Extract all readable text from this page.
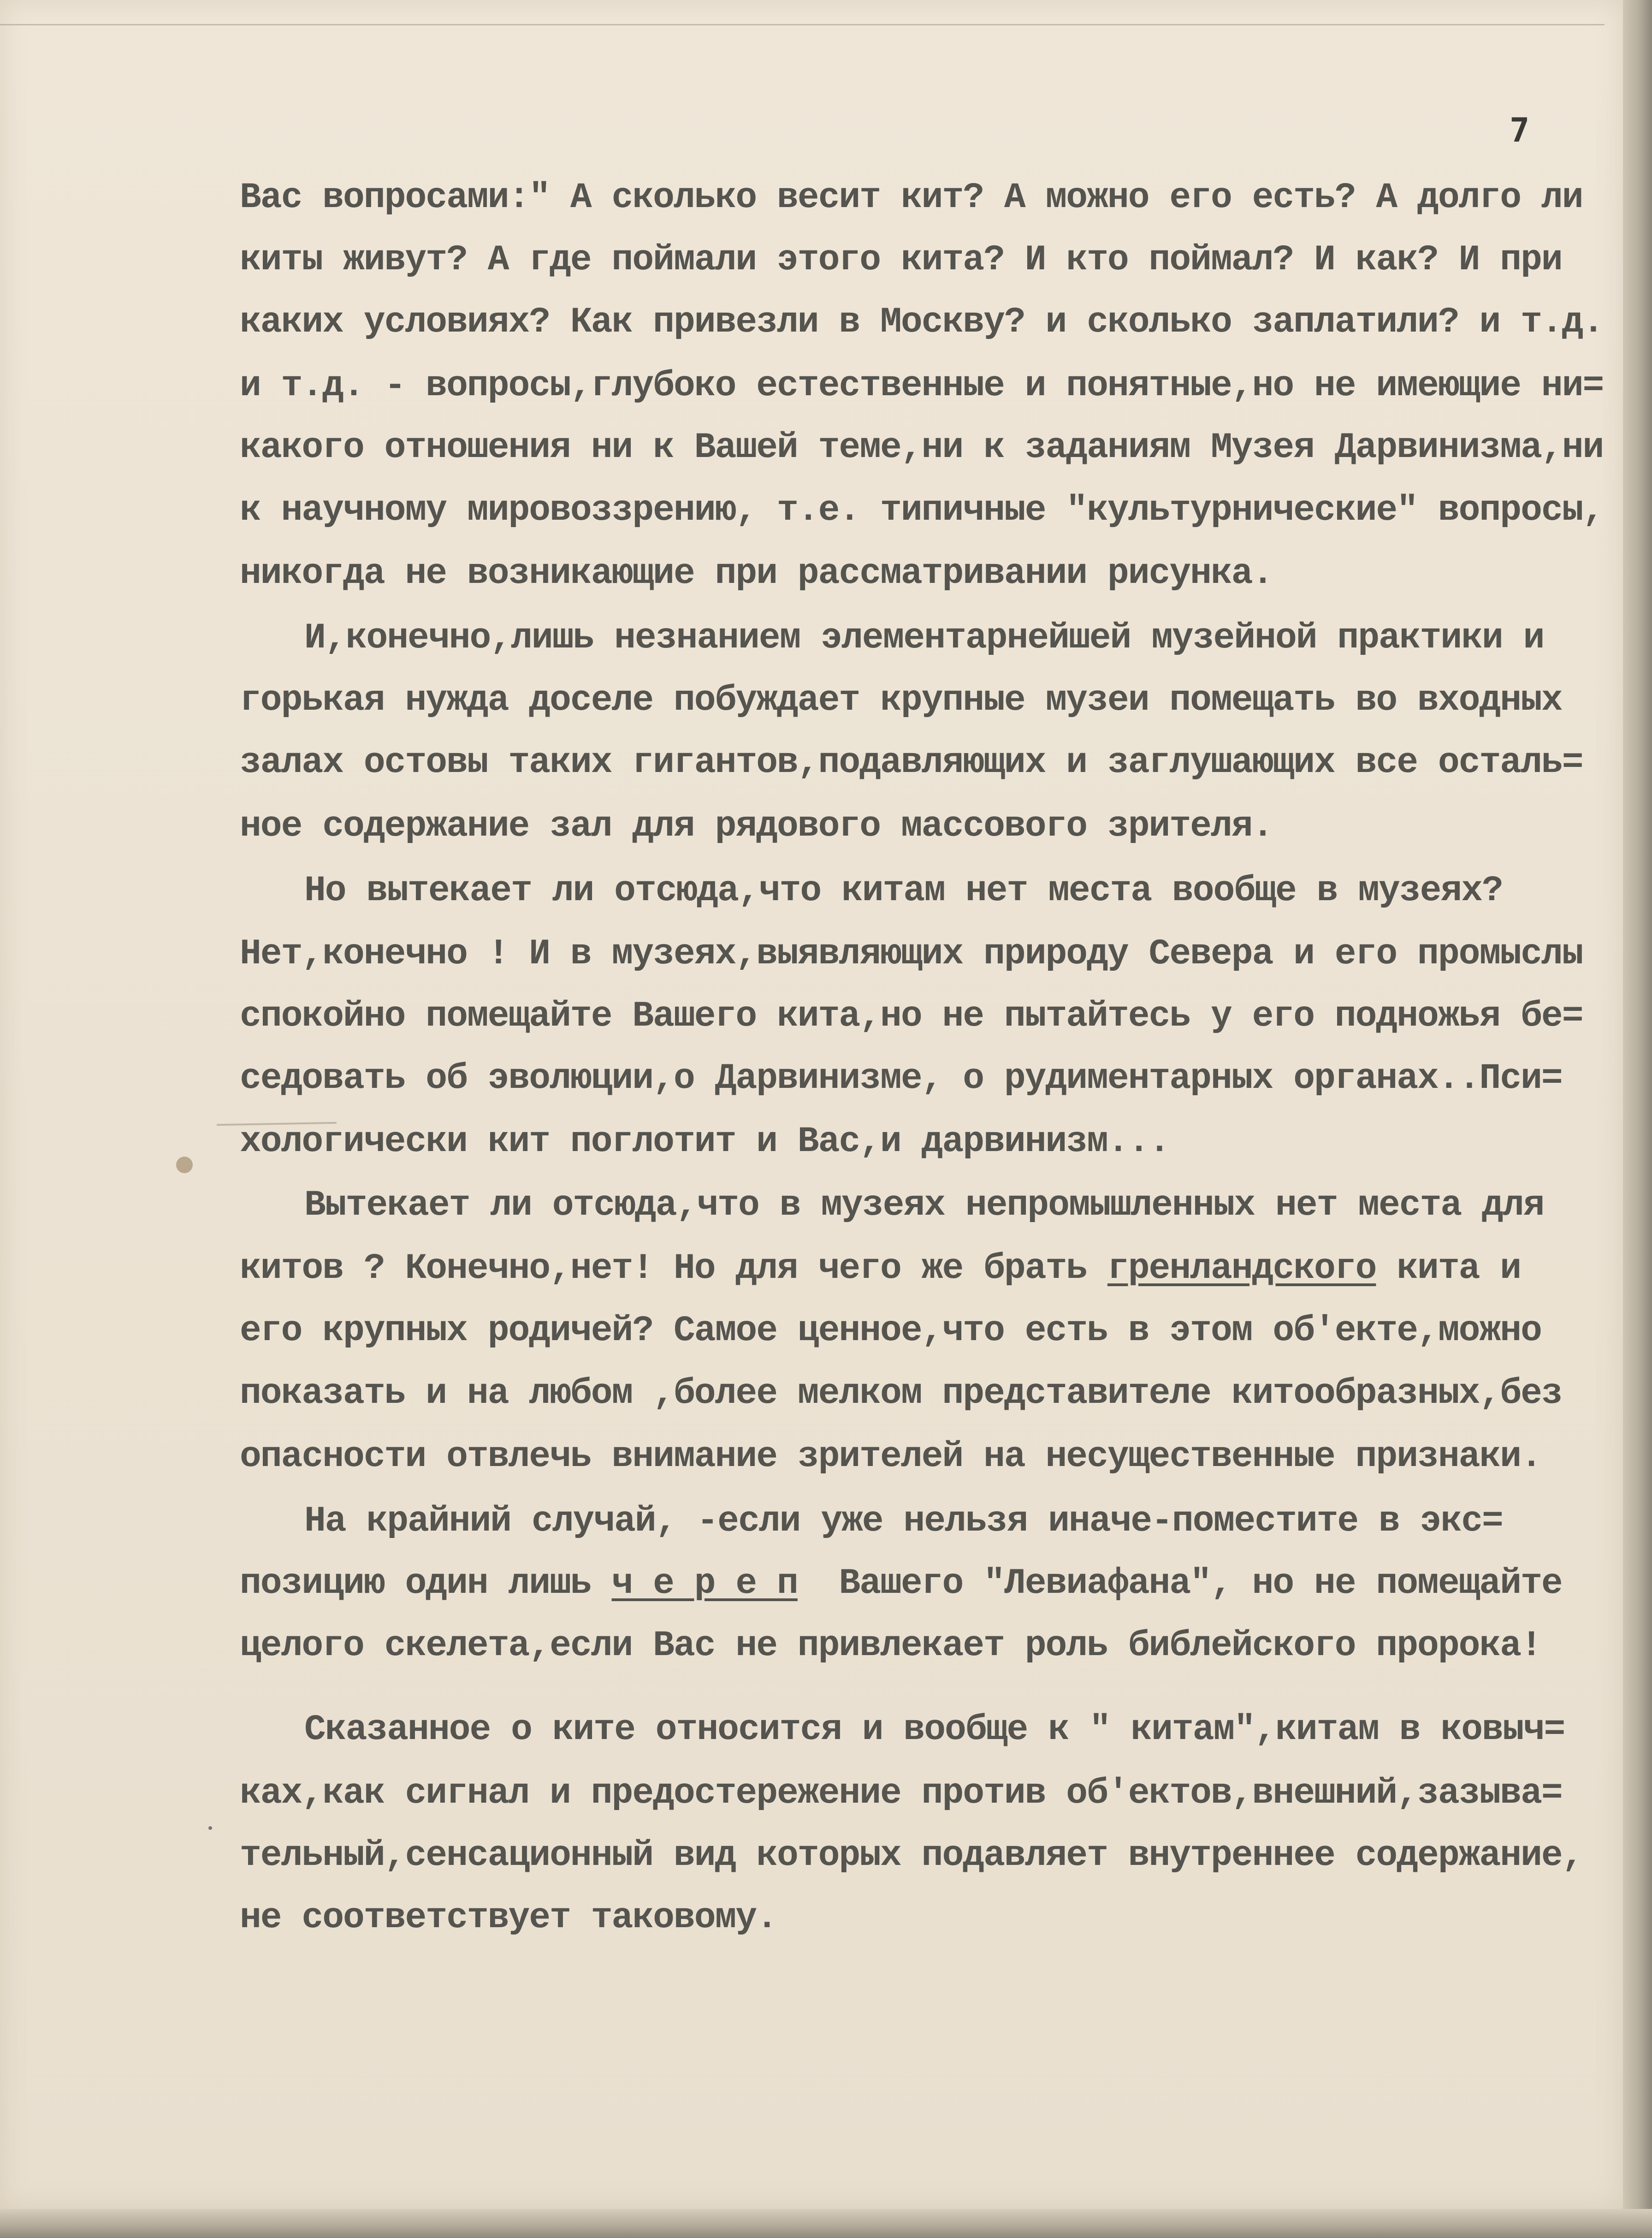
7
Вас вопросами:" А сколько весит кит? А можно его есть? А долго ли
киты живут? А где поймали этого кита? И кто поймал? И как? И при
каких условиях? Как привезли в Москву? и сколько заплатили? и т.д.
и т.д. - вопросы,глубоко естественные и понятные,но не имеющие ни=
какого отношения ни к Вашей теме,ни к заданиям Музея Дарвинизма,ни
к научному мировоззрению, т.е. типичные "культурнические" вопросы,
никогда не возникающие при рассматривании рисунка.
И,конечно,лишь незнанием элементарнейшей музейной практики и
горькая нужда доселе побуждает крупные музеи помещать во входных
залах остовы таких гигантов,подавляющих и заглушающих все осталь=
ное содержание зал для рядового массового зрителя.
Но вытекает ли отсюда,что китам нет места вообще в музеях?
Нет,конечно ! И в музеях,выявляющих природу Севера и его промыслы
спокойно помещайте Вашего кита,но не пытайтесь у его подножья бе=
седовать об эволюции,о Дарвинизме, о рудиментарных органах..Пси=
хологически кит поглотит и Вас,и дарвинизм...
Вытекает ли отсюда,что в музеях непромышленных нет места для
китов ? Конечно,нет! Но для чего же брать гренландского кита и
его крупных родичей? Самое ценное,что есть в этом об'екте,можно
показать и на любом ,более мелком представителе китообразных,без
опасности отвлечь внимание зрителей на несущественные признаки.
На крайний случай, -если уже нельзя иначе-поместите в экс=
позицию один лишь ч е р е п  Вашего "Левиафана", но не помещайте
целого скелета,если Вас не привлекает роль библейского пророка!
Сказанное о ките относится и вообще к " китам",китам в ковыч=
ках,как сигнал и предостережение против об'ектов,внешний,зазыва=
тельный,сенсационный вид которых подавляет внутреннее содержание,
не соответствует таковому.
